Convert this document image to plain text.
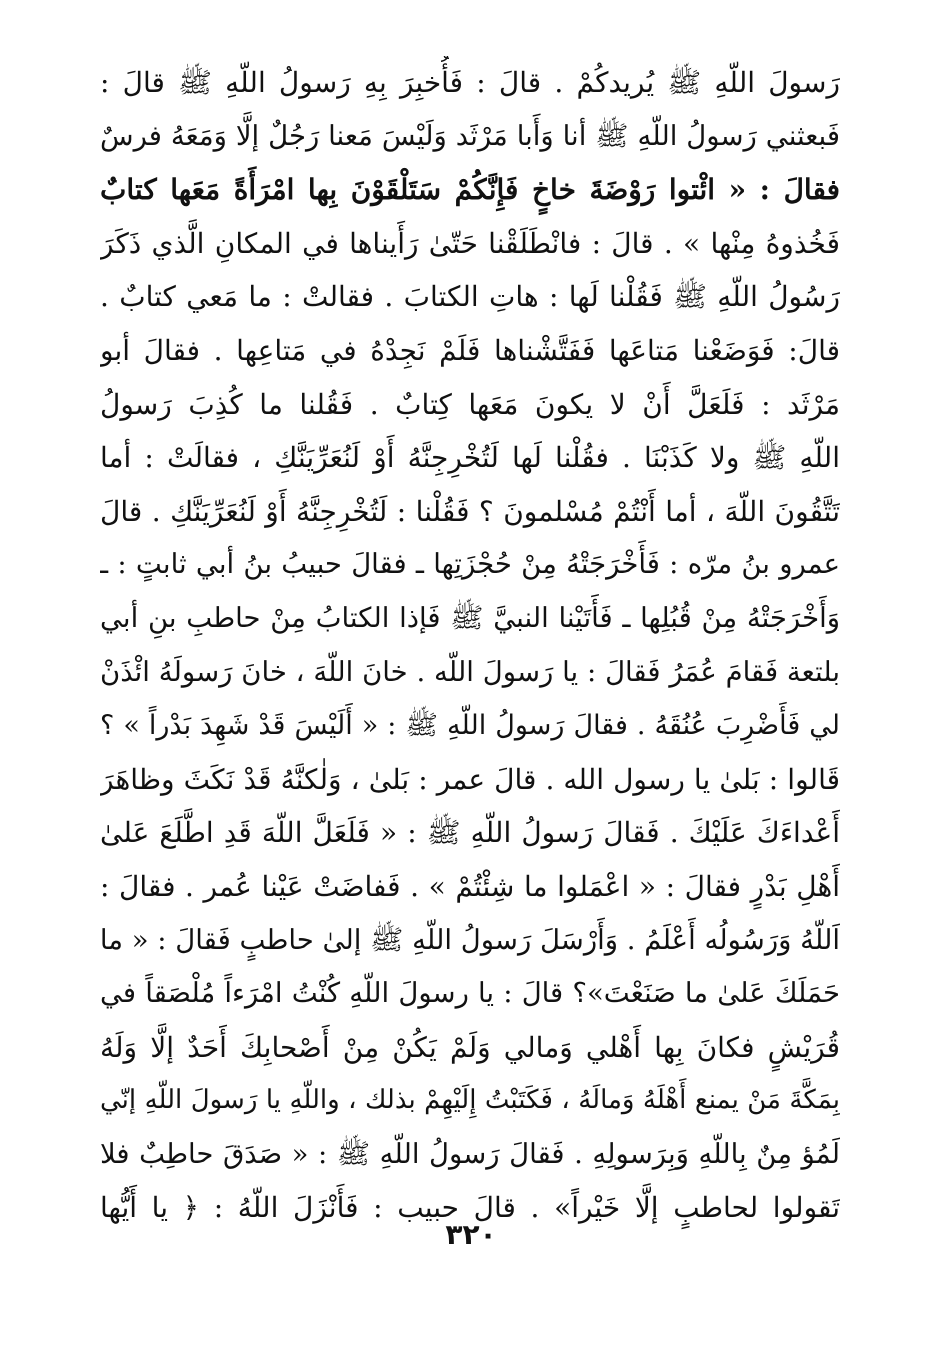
رَسولَ اللّهِ ﷺ يُريدكُمْ . قالَ : فَأُخبِرَ بِهِ رَسولُ اللّهِ ﷺ قالَ :
فَبعثني رَسولُ اللّهِ ﷺ أنا وَأَبا مَرْثَد وَلَيْسَ مَعنا رَجُلٌ إلَّا وَمَعَهُ فرسٌ
فقالَ : « ائْتوا رَوْضَةَ خاخٍ فَإِنَّكُمْ سَتَلْقَوْنَ بِها امْرَأَةً مَعَها كتابٌ
فَخُذوهُ مِنْها » . قالَ : فانْطَلَقْنا حَتّىٰ رَأَيناها في المكانِ الَّذي ذَكَرَ
رَسُولُ اللّهِ ﷺ فَقُلْنا لَها : هاتِ الكتابَ . فقالتْ : ما مَعي كتابٌ .
قالَ: فَوَضَعْنا مَتاعَها فَفَتَّشْناها فَلَمْ نَجِدْهُ في مَتاعِها . فقالَ أبو
مَرْثَد : فَلَعَلَّ أَنْ لا يكونَ مَعَها كِتابٌ . فَقُلنا ما كُذِبَ رَسولُ
اللّهِ ﷺ ولا كَذَبْنَا . فقُلْنا لَها لَتُخْرِجِنَّهُ أَوْ لَنُعَرِّيَنَّكِ ، فقالَتْ : أما
تَتَّقُونَ اللّهَ ، أما أَنْتُمْ مُسْلمونَ ؟ فَقُلْنا : لَتُخْرِجِنَّهُ أَوْ لَنُعَرِّيَنَّكِ . قالَ
عمرو بنُ مرّه : فَأَخْرَجَتْهُ مِنْ حُجْزَتِها ـ فقالَ حبيبُ بنُ أبي ثابتٍ : ـ
وَأَخْرَجَتْهُ مِنْ قُبُلِها ـ فَأَتَيْنا النبيَّ ﷺ فَإذا الكتابُ مِنْ حاطبِ بنِ أبي
بلتعة فَقامَ عُمَرُ فَقالَ : يا رَسولَ اللّه . خانَ اللّهَ ، خانَ رَسولَهُ ائْذَنْ
لي فَأَضْرِبَ عُنُقَهُ . فقالَ رَسولُ اللّهِ ﷺ : « أَلَيْسَ قَدْ شَهِدَ بَدْراً » ؟
قَالوا : بَلىٰ يا رسول الله . قالَ عمر : بَلىٰ ، وَلٰكنَّهُ قَدْ نَكَثَ وظاهَرَ
أَعْداءَكَ عَلَيْكَ . فَقالَ رَسولُ اللّهِ ﷺ : « فَلَعَلَّ اللّهَ قَدِ اطَّلَعَ عَلىٰ
أَهْلِ بَدْرٍ فقالَ : « اعْمَلوا ما شِئْتُمْ » . فَفاضَتْ عَيْنا عُمر . فقالَ :
اَللّهُ وَرَسُولُه أَعْلَمُ . وَأَرْسَلَ رَسولُ اللّهِ ﷺ إلىٰ حاطبٍ فَقالَ : « ما
حَمَلَكَ عَلىٰ ما صَنَعْتَ»؟ قالَ : يا رسولَ اللّهِ كُنْتُ امْرَءاً مُلْصَقاً في
قُرَيْشٍ فكانَ بِها أَهْلي وَمالي وَلَمْ يَكُنْ مِنْ أَصْحابِكَ أَحَدٌ إلَّا وَلَهُ
بِمَكَّةَ مَنْ يمنع أَهْلَهُ وَمالَهُ ، فَكَتَبْتُ إِلَيْهِمْ بذلك ، واللّهِ يا رَسولَ اللّهِ إنّي
لَمُؤ مِنٌ بِاللّهِ وَبِرَسولِهِ . فَقالَ رَسولُ اللّهِ ﷺ : « صَدَقَ حاطِبٌ فلا
تَقولوا لحاطبٍ إلَّا خَيْراً» . قالَ حبيب : فَأَنْزَلَ اللّهُ : ﴿ يا أَيُّها
٣٢٠
